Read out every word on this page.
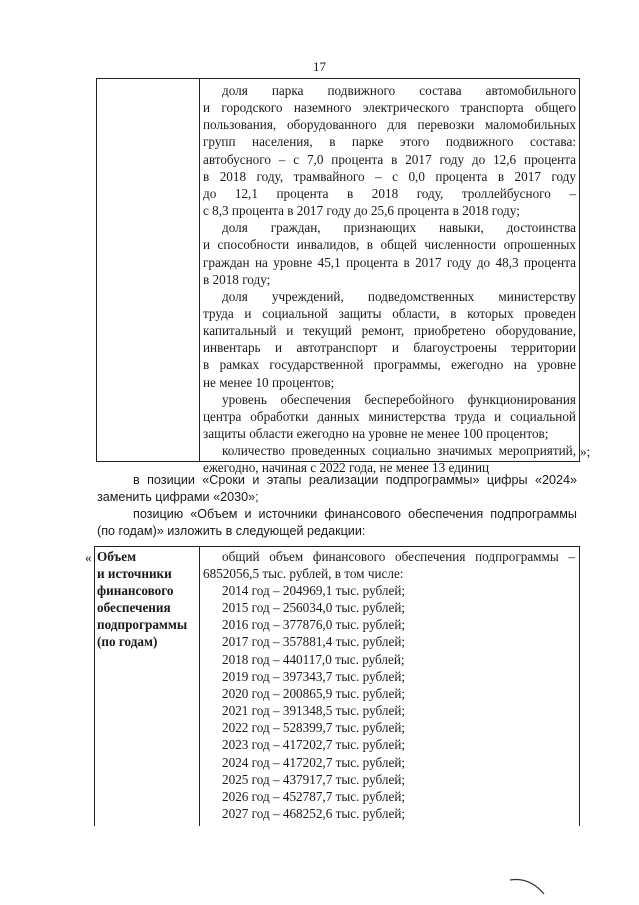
17
доля парка подвижного состава автомобильного
и городского наземного электрического транспорта общего
пользования, оборудованного для перевозки маломобильных
групп населения, в парке этого подвижного состава:
автобусного – с 7,0 процента в 2017 году до 12,6 процента
в 2018 году, трамвайного – с 0,0 процента в 2017 году
до 12,1 процента в 2018 году, троллейбусного –
с 8,3 процента в 2017 году до 25,6 процента в 2018 году;
доля граждан, признающих навыки, достоинства
и способности инвалидов, в общей численности опрошенных
граждан на уровне 45,1 процента в 2017 году до 48,3 процента
в 2018 году;
доля учреждений, подведомственных министерству
труда и социальной защиты области, в которых проведен
капитальный и текущий ремонт, приобретено оборудование,
инвентарь и автотранспорт и благоустроены территории
в рамках государственной программы, ежегодно на уровне
не менее 10 процентов;
уровень обеспечения бесперебойного функционирования
центра обработки данных министерства труда и социальной
защиты области ежегодно на уровне не менее 100 процентов;
количество проведенных социально значимых мероприятий,
ежегодно, начиная с 2022 года, не менее 13 единиц
»;
в позиции «Сроки и этапы реализации подпрограммы» цифры «2024»
заменить цифрами «2030»;
позицию «Объем и источники финансового обеспечения подпрограммы
(по годам)» изложить в следующей редакции:
« Объем
и источники
финансового
обеспечения
подпрограммы
(по годам)
общий объем финансового обеспечения подпрограммы –
6852056,5 тыс. рублей, в том числе:
2014 год – 204969,1 тыс. рублей;
2015 год – 256034,0 тыс. рублей;
2016 год – 377876,0 тыс. рублей;
2017 год – 357881,4 тыс. рублей;
2018 год – 440117,0 тыс. рублей;
2019 год – 397343,7 тыс. рублей;
2020 год – 200865,9 тыс. рублей;
2021 год – 391348,5 тыс. рублей;
2022 год – 528399,7 тыс. рублей;
2023 год – 417202,7 тыс. рублей;
2024 год – 417202,7 тыс. рублей;
2025 год – 437917,7 тыс. рублей;
2026 год – 452787,7 тыс. рублей;
2027 год – 468252,6 тыс. рублей;
